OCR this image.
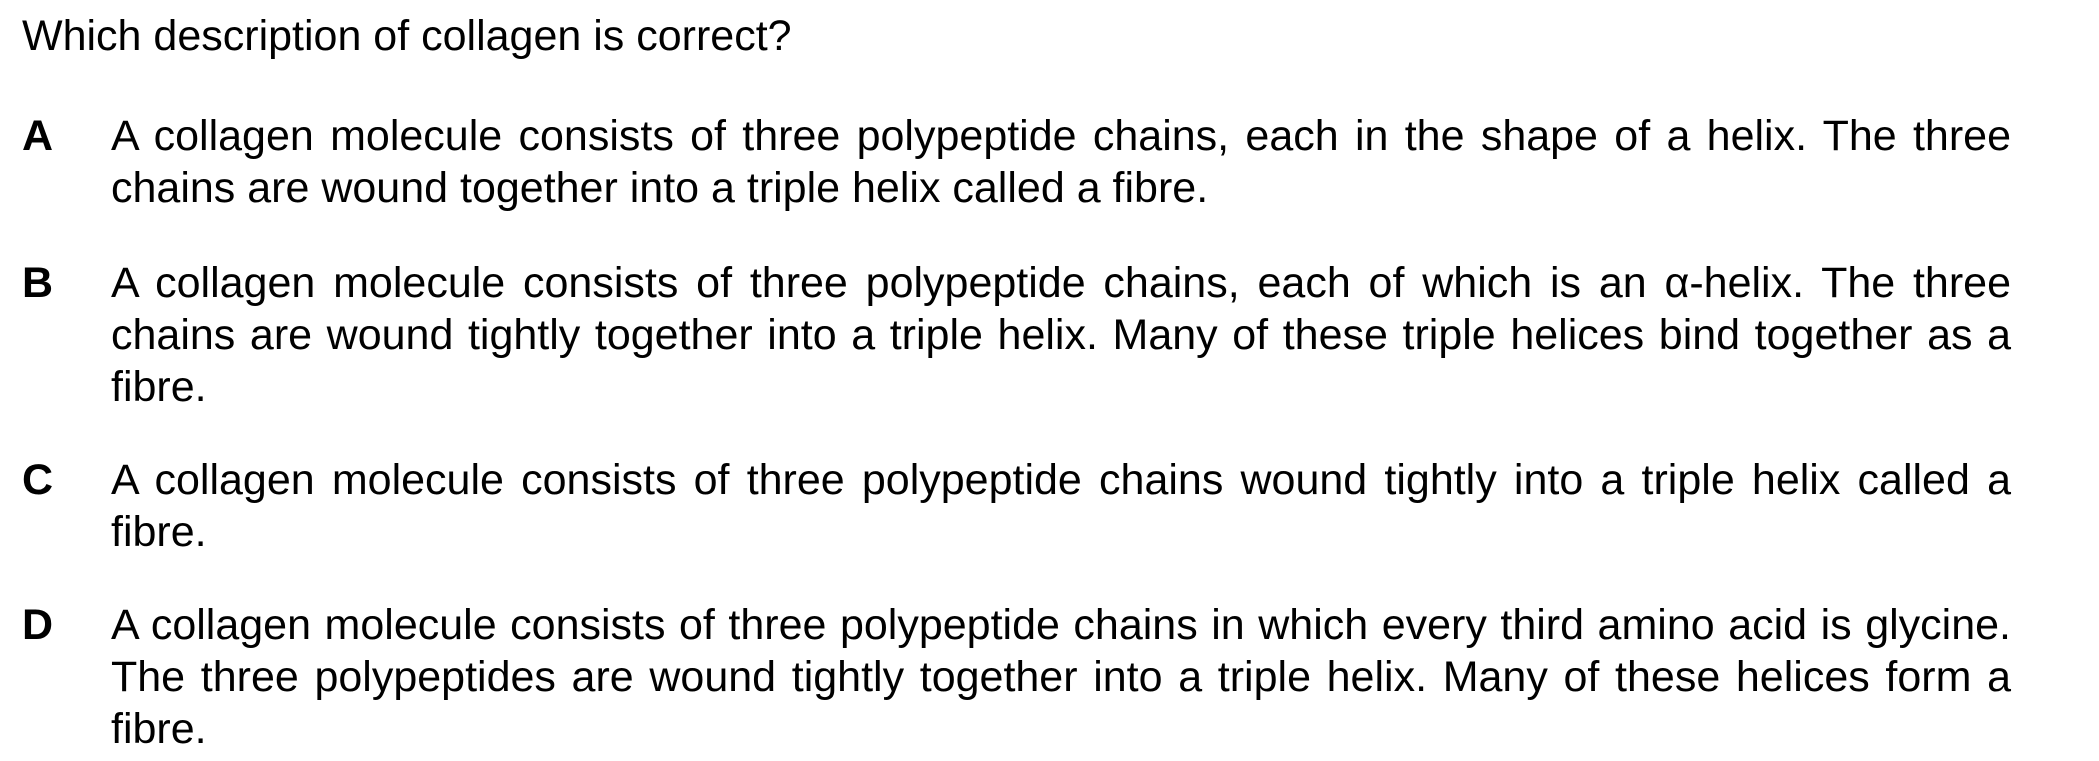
Which description of collagen is correct?

A A collagen molecule consists of three polypeptide chains, each in the shape of a helix. The three chains are wound together into a triple helix called a fibre.

B A collagen molecule consists of three polypeptide chains, each of which is an α-helix. The three chains are wound tightly together into a triple helix. Many of these triple helices bind together as a fibre.

C A collagen molecule consists of three polypeptide chains wound tightly into a triple helix called a fibre.

D A collagen molecule consists of three polypeptide chains in which every third amino acid is glycine. The three polypeptides are wound tightly together into a triple helix. Many of these helices form a fibre.
